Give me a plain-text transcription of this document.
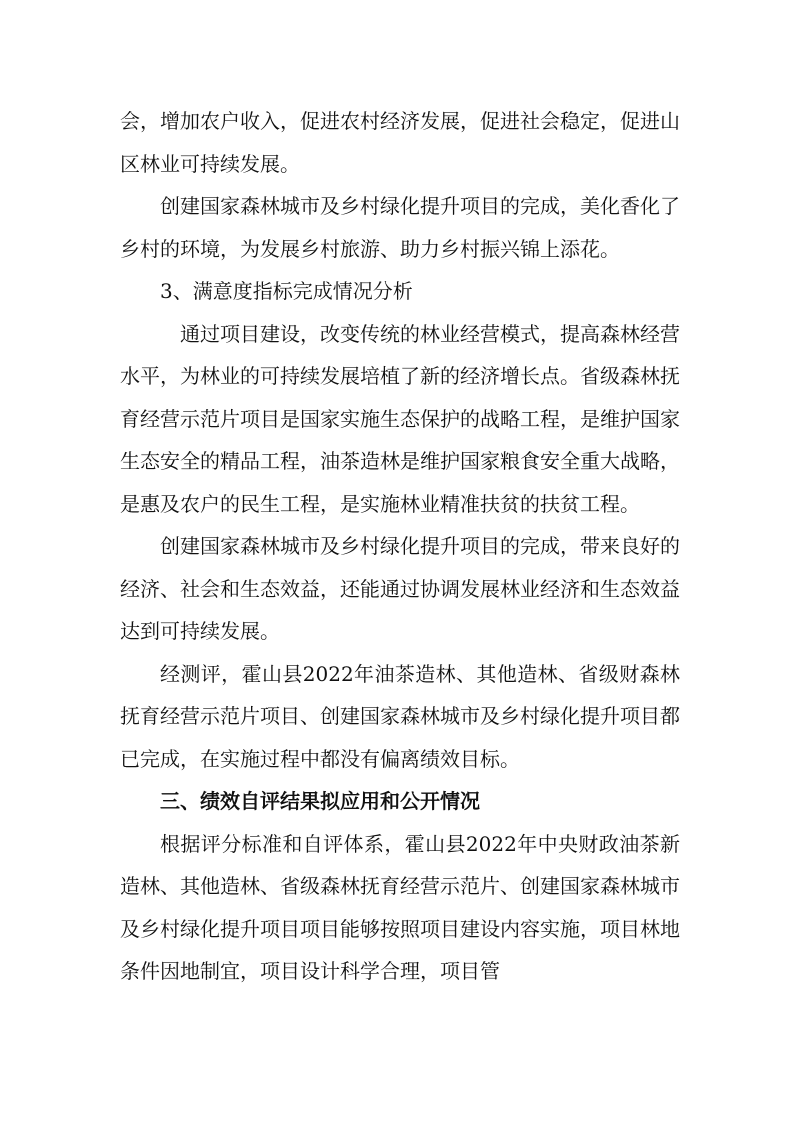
会，增加农户收入，促进农村经济发展，促进社会稳定，促进山区林业可持续发展。

创建国家森林城市及乡村绿化提升项目的完成，美化香化了乡村的环境，为发展乡村旅游、助力乡村振兴锦上添花。

3、满意度指标完成情况分析

通过项目建设，改变传统的林业经营模式，提高森林经营水平，为林业的可持续发展培植了新的经济增长点。省级森林抚育经营示范片项目是国家实施生态保护的战略工程，是维护国家生态安全的精品工程，油茶造林是维护国家粮食安全重大战略，是惠及农户的民生工程，是实施林业精准扶贫的扶贫工程。

创建国家森林城市及乡村绿化提升项目的完成，带来良好的经济、社会和生态效益，还能通过协调发展林业经济和生态效益达到可持续发展。

经测评，霍山县2022年油茶造林、其他造林、省级财森林抚育经营示范片项目、创建国家森林城市及乡村绿化提升项目都已完成，在实施过程中都没有偏离绩效目标。

三、绩效自评结果拟应用和公开情况

根据评分标准和自评体系，霍山县2022年中央财政油茶新造林、其他造林、省级森林抚育经营示范片、创建国家森林城市及乡村绿化提升项目项目能够按照项目建设内容实施，项目林地条件因地制宜，项目设计科学合理，项目管
